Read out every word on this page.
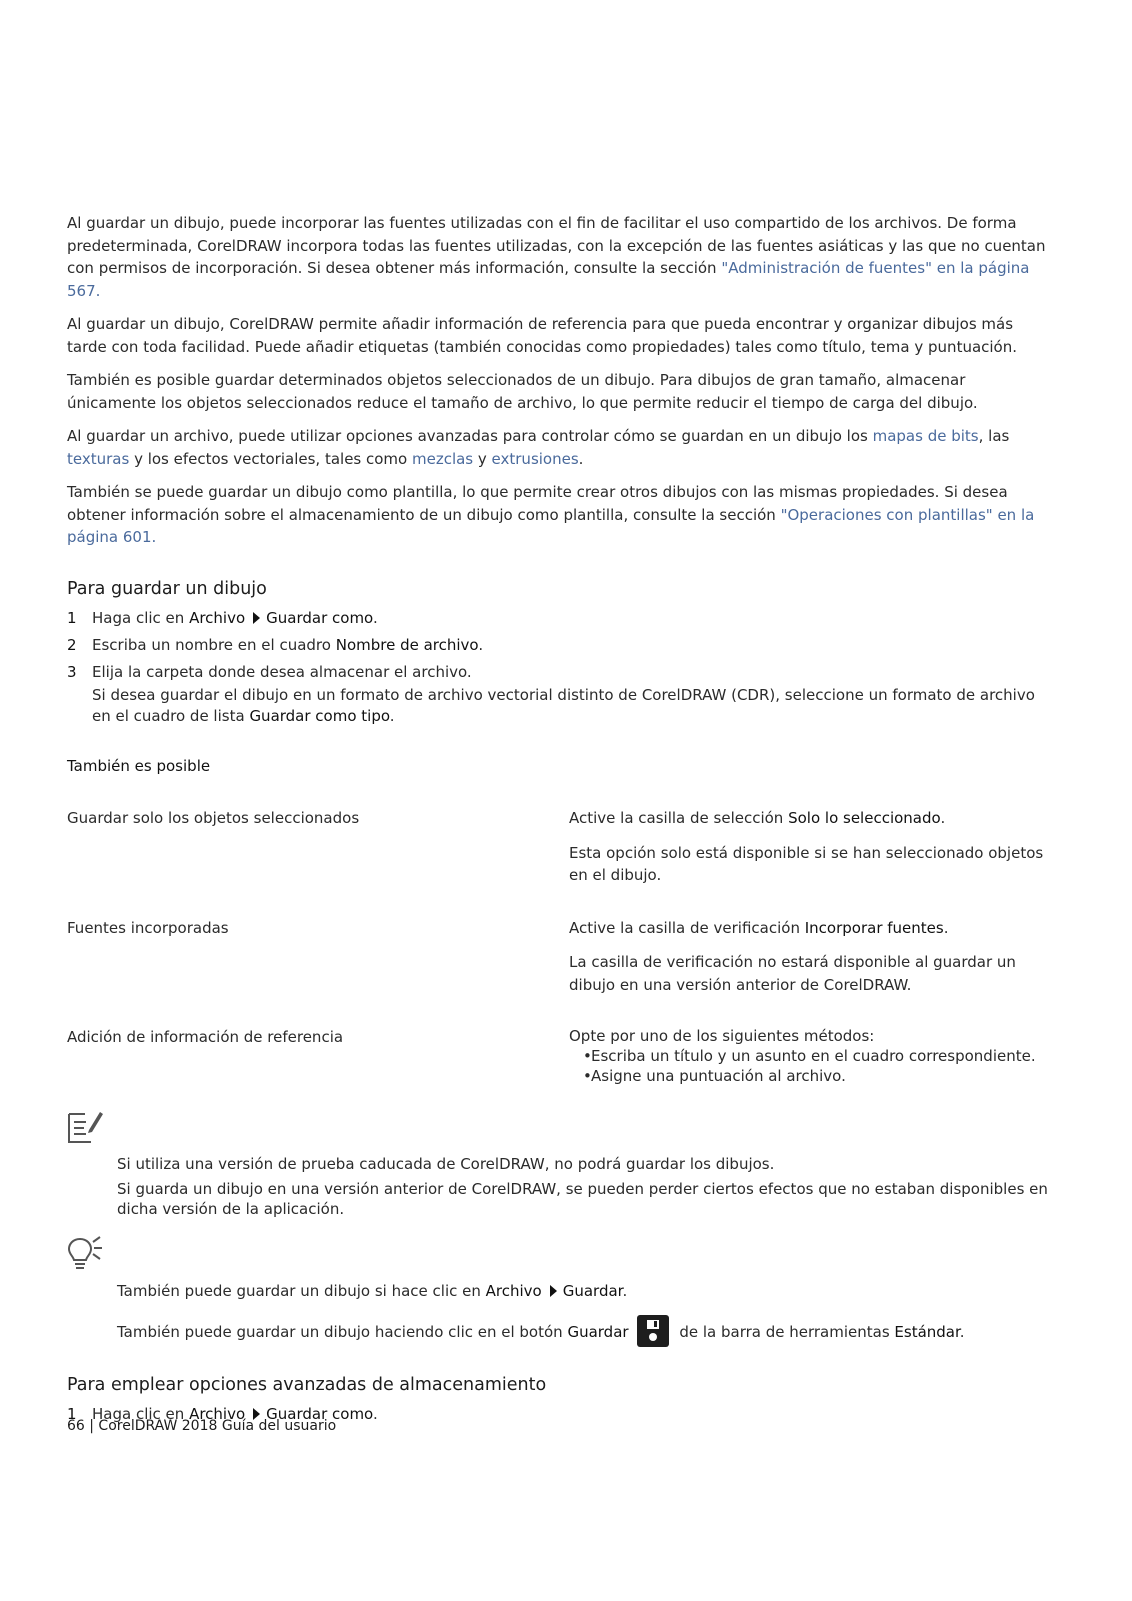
Al guardar un dibujo, puede incorporar las fuentes utilizadas con el fin de facilitar el uso compartido de los archivos. De forma predeterminada, CorelDRAW incorpora todas las fuentes utilizadas, con la excepción de las fuentes asiáticas y las que no cuentan con permisos de incorporación. Si desea obtener más información, consulte la sección "Administración de fuentes" en la página 567.

Al guardar un dibujo, CorelDRAW permite añadir información de referencia para que pueda encontrar y organizar dibujos más tarde con toda facilidad. Puede añadir etiquetas (también conocidas como propiedades) tales como título, tema y puntuación.

También es posible guardar determinados objetos seleccionados de un dibujo. Para dibujos de gran tamaño, almacenar únicamente los objetos seleccionados reduce el tamaño de archivo, lo que permite reducir el tiempo de carga del dibujo.

Al guardar un archivo, puede utilizar opciones avanzadas para controlar cómo se guardan en un dibujo los mapas de bits, las texturas y los efectos vectoriales, tales como mezclas y extrusiones.

También se puede guardar un dibujo como plantilla, lo que permite crear otros dibujos con las mismas propiedades. Si desea obtener información sobre el almacenamiento de un dibujo como plantilla, consulte la sección "Operaciones con plantillas" en la página 601.

Para guardar un dibujo
1	Haga clic en Archivo Guardar como.
2	Escriba un nombre en el cuadro Nombre de archivo.
3	Elija la carpeta donde desea almacenar el archivo.
Si desea guardar el dibujo en un formato de archivo vectorial distinto de CorelDRAW (CDR), seleccione un formato de archivo en el cuadro de lista Guardar como tipo.

También es posible

Guardar solo los objetos seleccionados	Active la casilla de selección Solo lo seleccionado.

Esta opción solo está disponible si se han seleccionado objetos en el dibujo.

Fuentes incorporadas	Active la casilla de verificación Incorporar fuentes.

La casilla de verificación no estará disponible al guardar un dibujo en una versión anterior de CorelDRAW.

Adición de información de referencia	Opte por uno de los siguientes métodos:

• Escriba un título y un asunto en el cuadro correspondiente.
• Asigne una puntuación al archivo.

Si utiliza una versión de prueba caducada de CorelDRAW, no podrá guardar los dibujos.

Si guarda un dibujo en una versión anterior de CorelDRAW, se pueden perder ciertos efectos que no estaban disponibles en dicha versión de la aplicación.

También puede guardar un dibujo si hace clic en Archivo Guardar.

También puede guardar un dibujo haciendo clic en el botón Guardar	de la barra de herramientas Estándar.

Para emplear opciones avanzadas de almacenamiento
1	Haga clic en Archivo Guardar como.
66 | CorelDRAW 2018 Guía del usuario
